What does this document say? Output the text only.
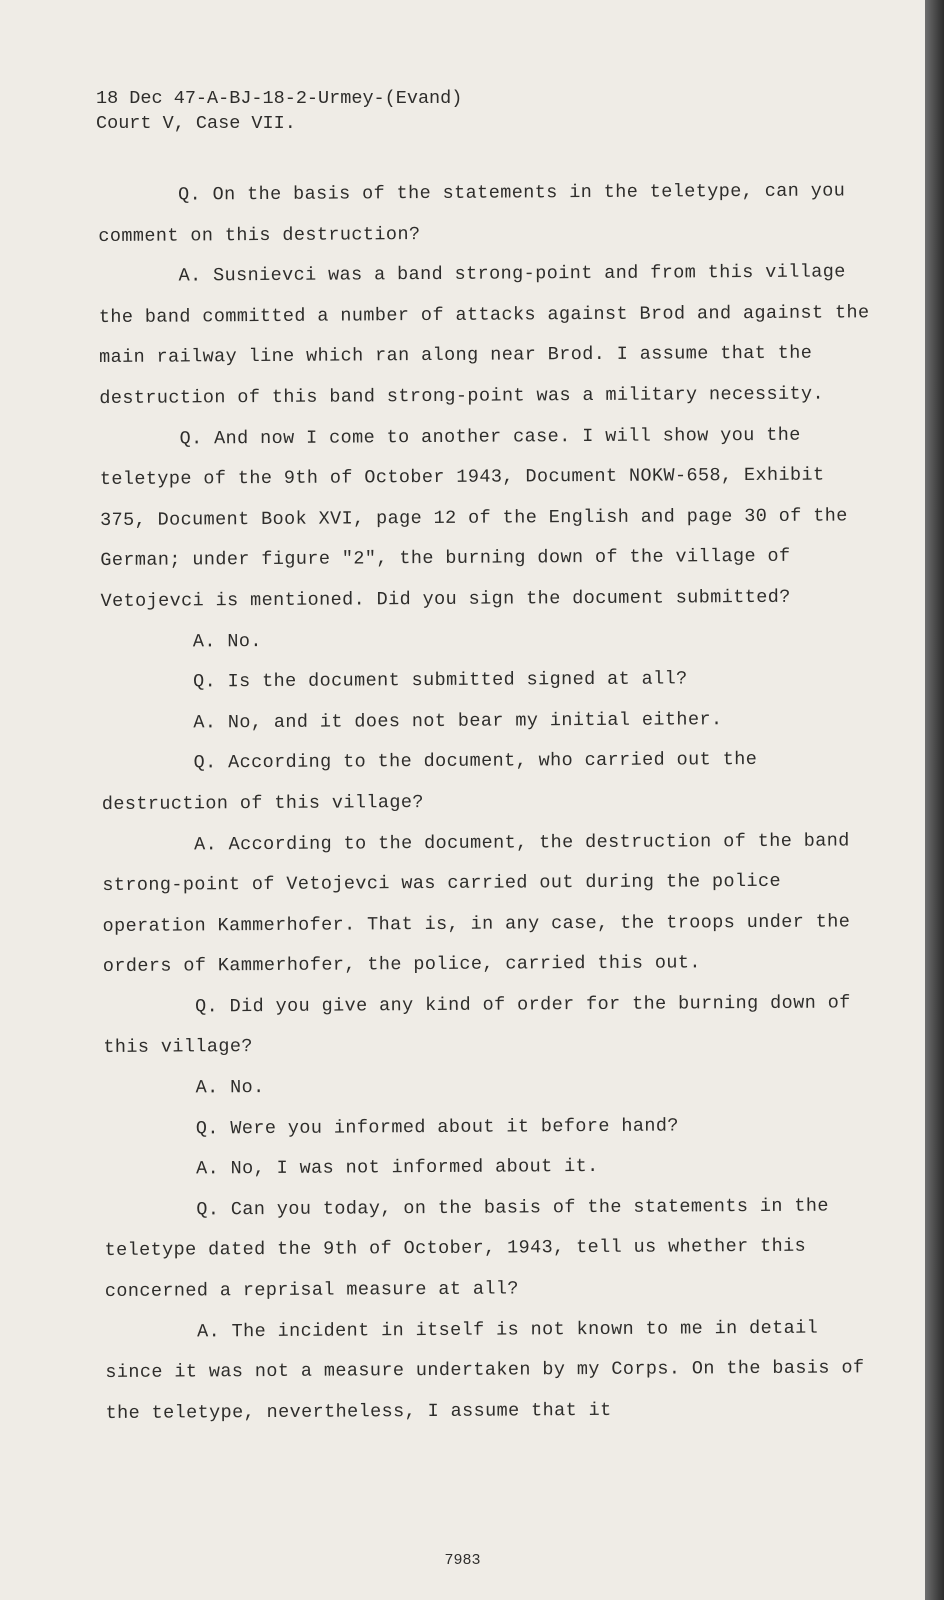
18 Dec 47-A-BJ-18-2-Urmey-(Evand)
Court V, Case VII.

Q. On the basis of the statements in the teletype, can you comment on this destruction?

A. Susnievci was a band strong-point and from this village the band committed a number of attacks against Brod and against the main railway line which ran along near Brod. I assume that the destruction of this band strong-point was a military necessity.

Q. And now I come to another case. I will show you the teletype of the 9th of October 1943, Document NOKW-658, Exhibit 375, Document Book XVI, page 12 of the English and page 30 of the German; under figure "2", the burning down of the village of Vetojevci is mentioned. Did you sign the document submitted?

A. No.

Q. Is the document submitted signed at all?

A. No, and it does not bear my initial either.

Q. According to the document, who carried out the destruction of this village?

A. According to the document, the destruction of the band strong-point of Vetojevci was carried out during the police operation Kammerhofer. That is, in any case, the troops under the orders of Kammerhofer, the police, carried this out.

Q. Did you give any kind of order for the burning down of this village?

A. No.

Q. Were you informed about it before hand?

A. No, I was not informed about it.

Q. Can you today, on the basis of the statements in the teletype dated the 9th of October, 1943, tell us whether this concerned a reprisal measure at all?

A. The incident in itself is not known to me in detail since it was not a measure undertaken by my Corps. On the basis of the teletype, nevertheless, I assume that it

7983
